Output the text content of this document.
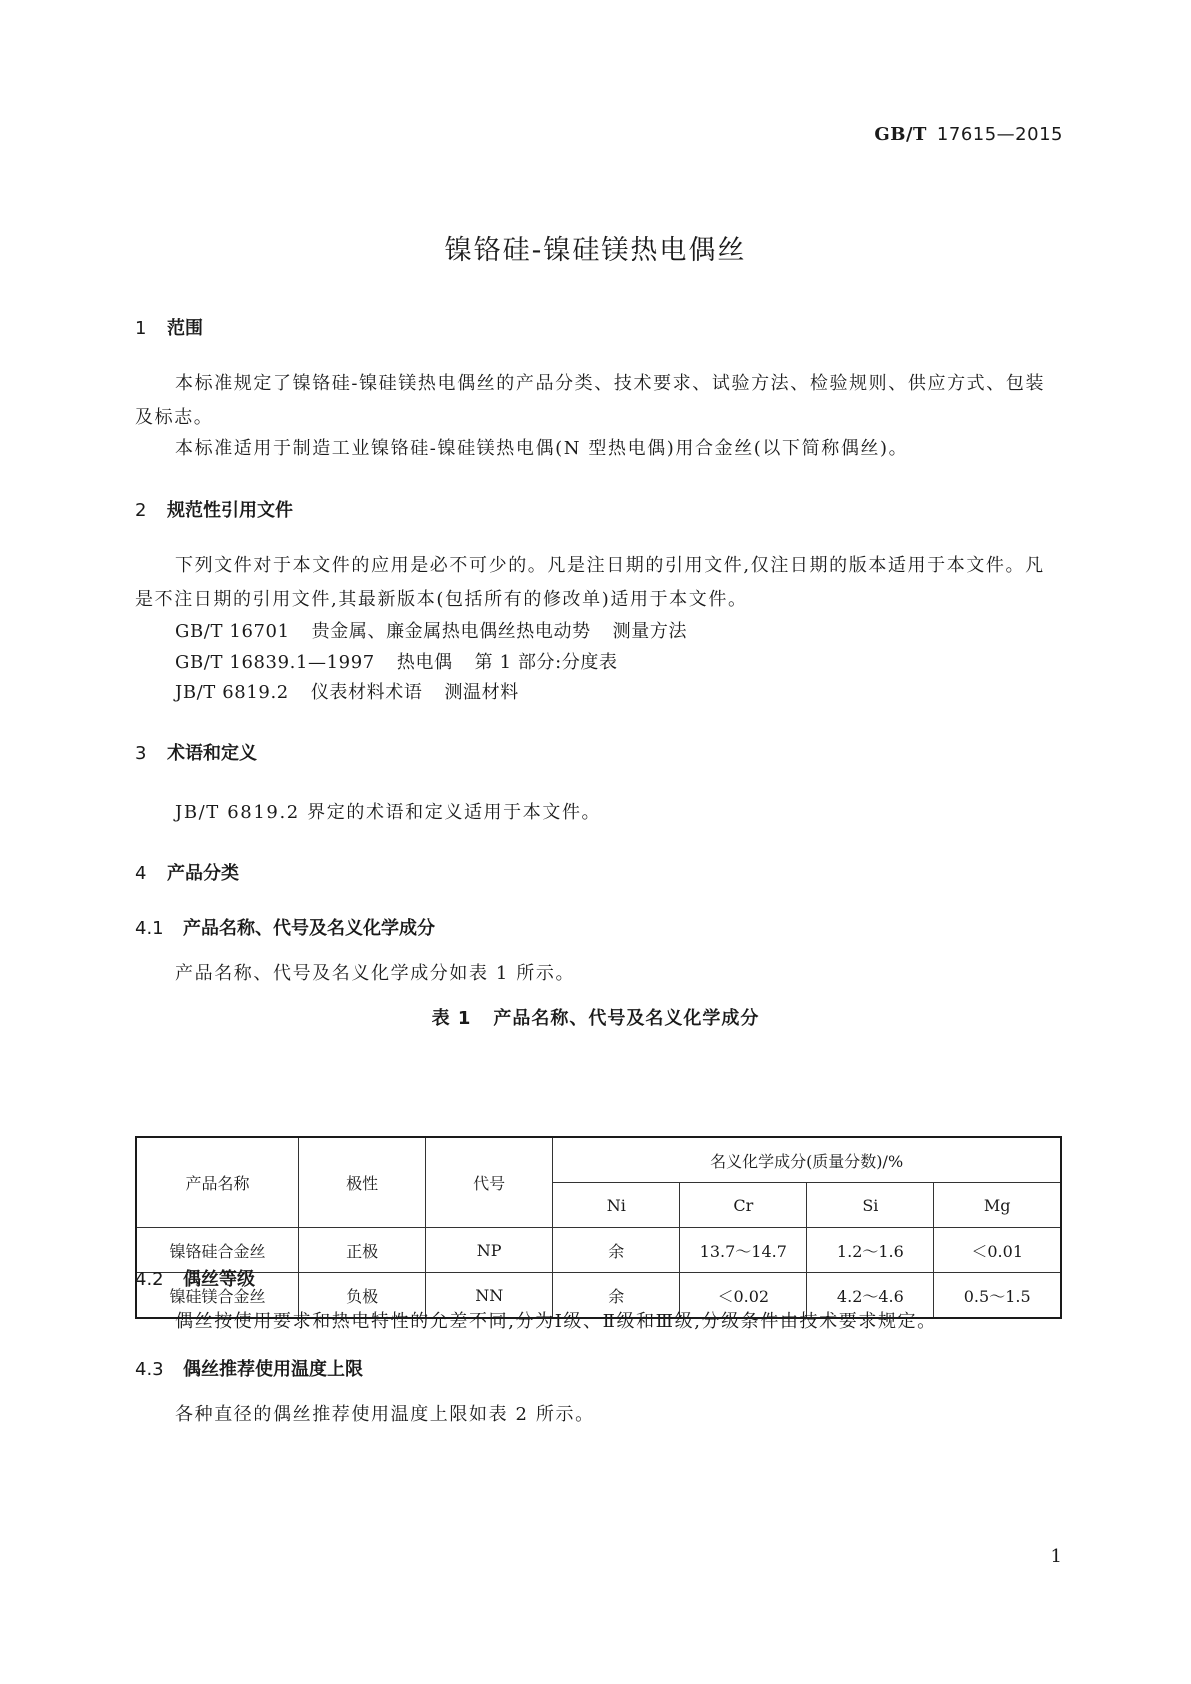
GB/T 17615—2015
镍铬硅-镍硅镁热电偶丝
1 范围
本标准规定了镍铬硅-镍硅镁热电偶丝的产品分类、技术要求、试验方法、检验规则、供应方式、包装及标志。
本标准适用于制造工业镍铬硅-镍硅镁热电偶(N 型热电偶)用合金丝(以下简称偶丝)。
2 规范性引用文件
下列文件对于本文件的应用是必不可少的。凡是注日期的引用文件,仅注日期的版本适用于本文件。凡是不注日期的引用文件,其最新版本(包括所有的修改单)适用于本文件。
GB/T 16701 贵金属、廉金属热电偶丝热电动势 测量方法
GB/T 16839.1—1997 热电偶 第 1 部分:分度表
JB/T 6819.2 仪表材料术语 测温材料
3 术语和定义
JB/T 6819.2 界定的术语和定义适用于本文件。
4 产品分类
4.1 产品名称、代号及名义化学成分
产品名称、代号及名义化学成分如表 1 所示。
表 1 产品名称、代号及名义化学成分
产品名称	极性	代号	名义化学成分(质量分数)/%			
			Ni	Cr	Si	Mg
镍铬硅合金丝	正极	NP	余	13.7～14.7	1.2～1.6	＜0.01
镍硅镁合金丝	负极	NN	余	＜0.02	4.2～4.6	0.5～1.5
4.2 偶丝等级
偶丝按使用要求和热电特性的允差不同,分为Ⅰ级、Ⅱ级和Ⅲ级,分级条件由技术要求规定。
4.3 偶丝推荐使用温度上限
各种直径的偶丝推荐使用温度上限如表 2 所示。
1
